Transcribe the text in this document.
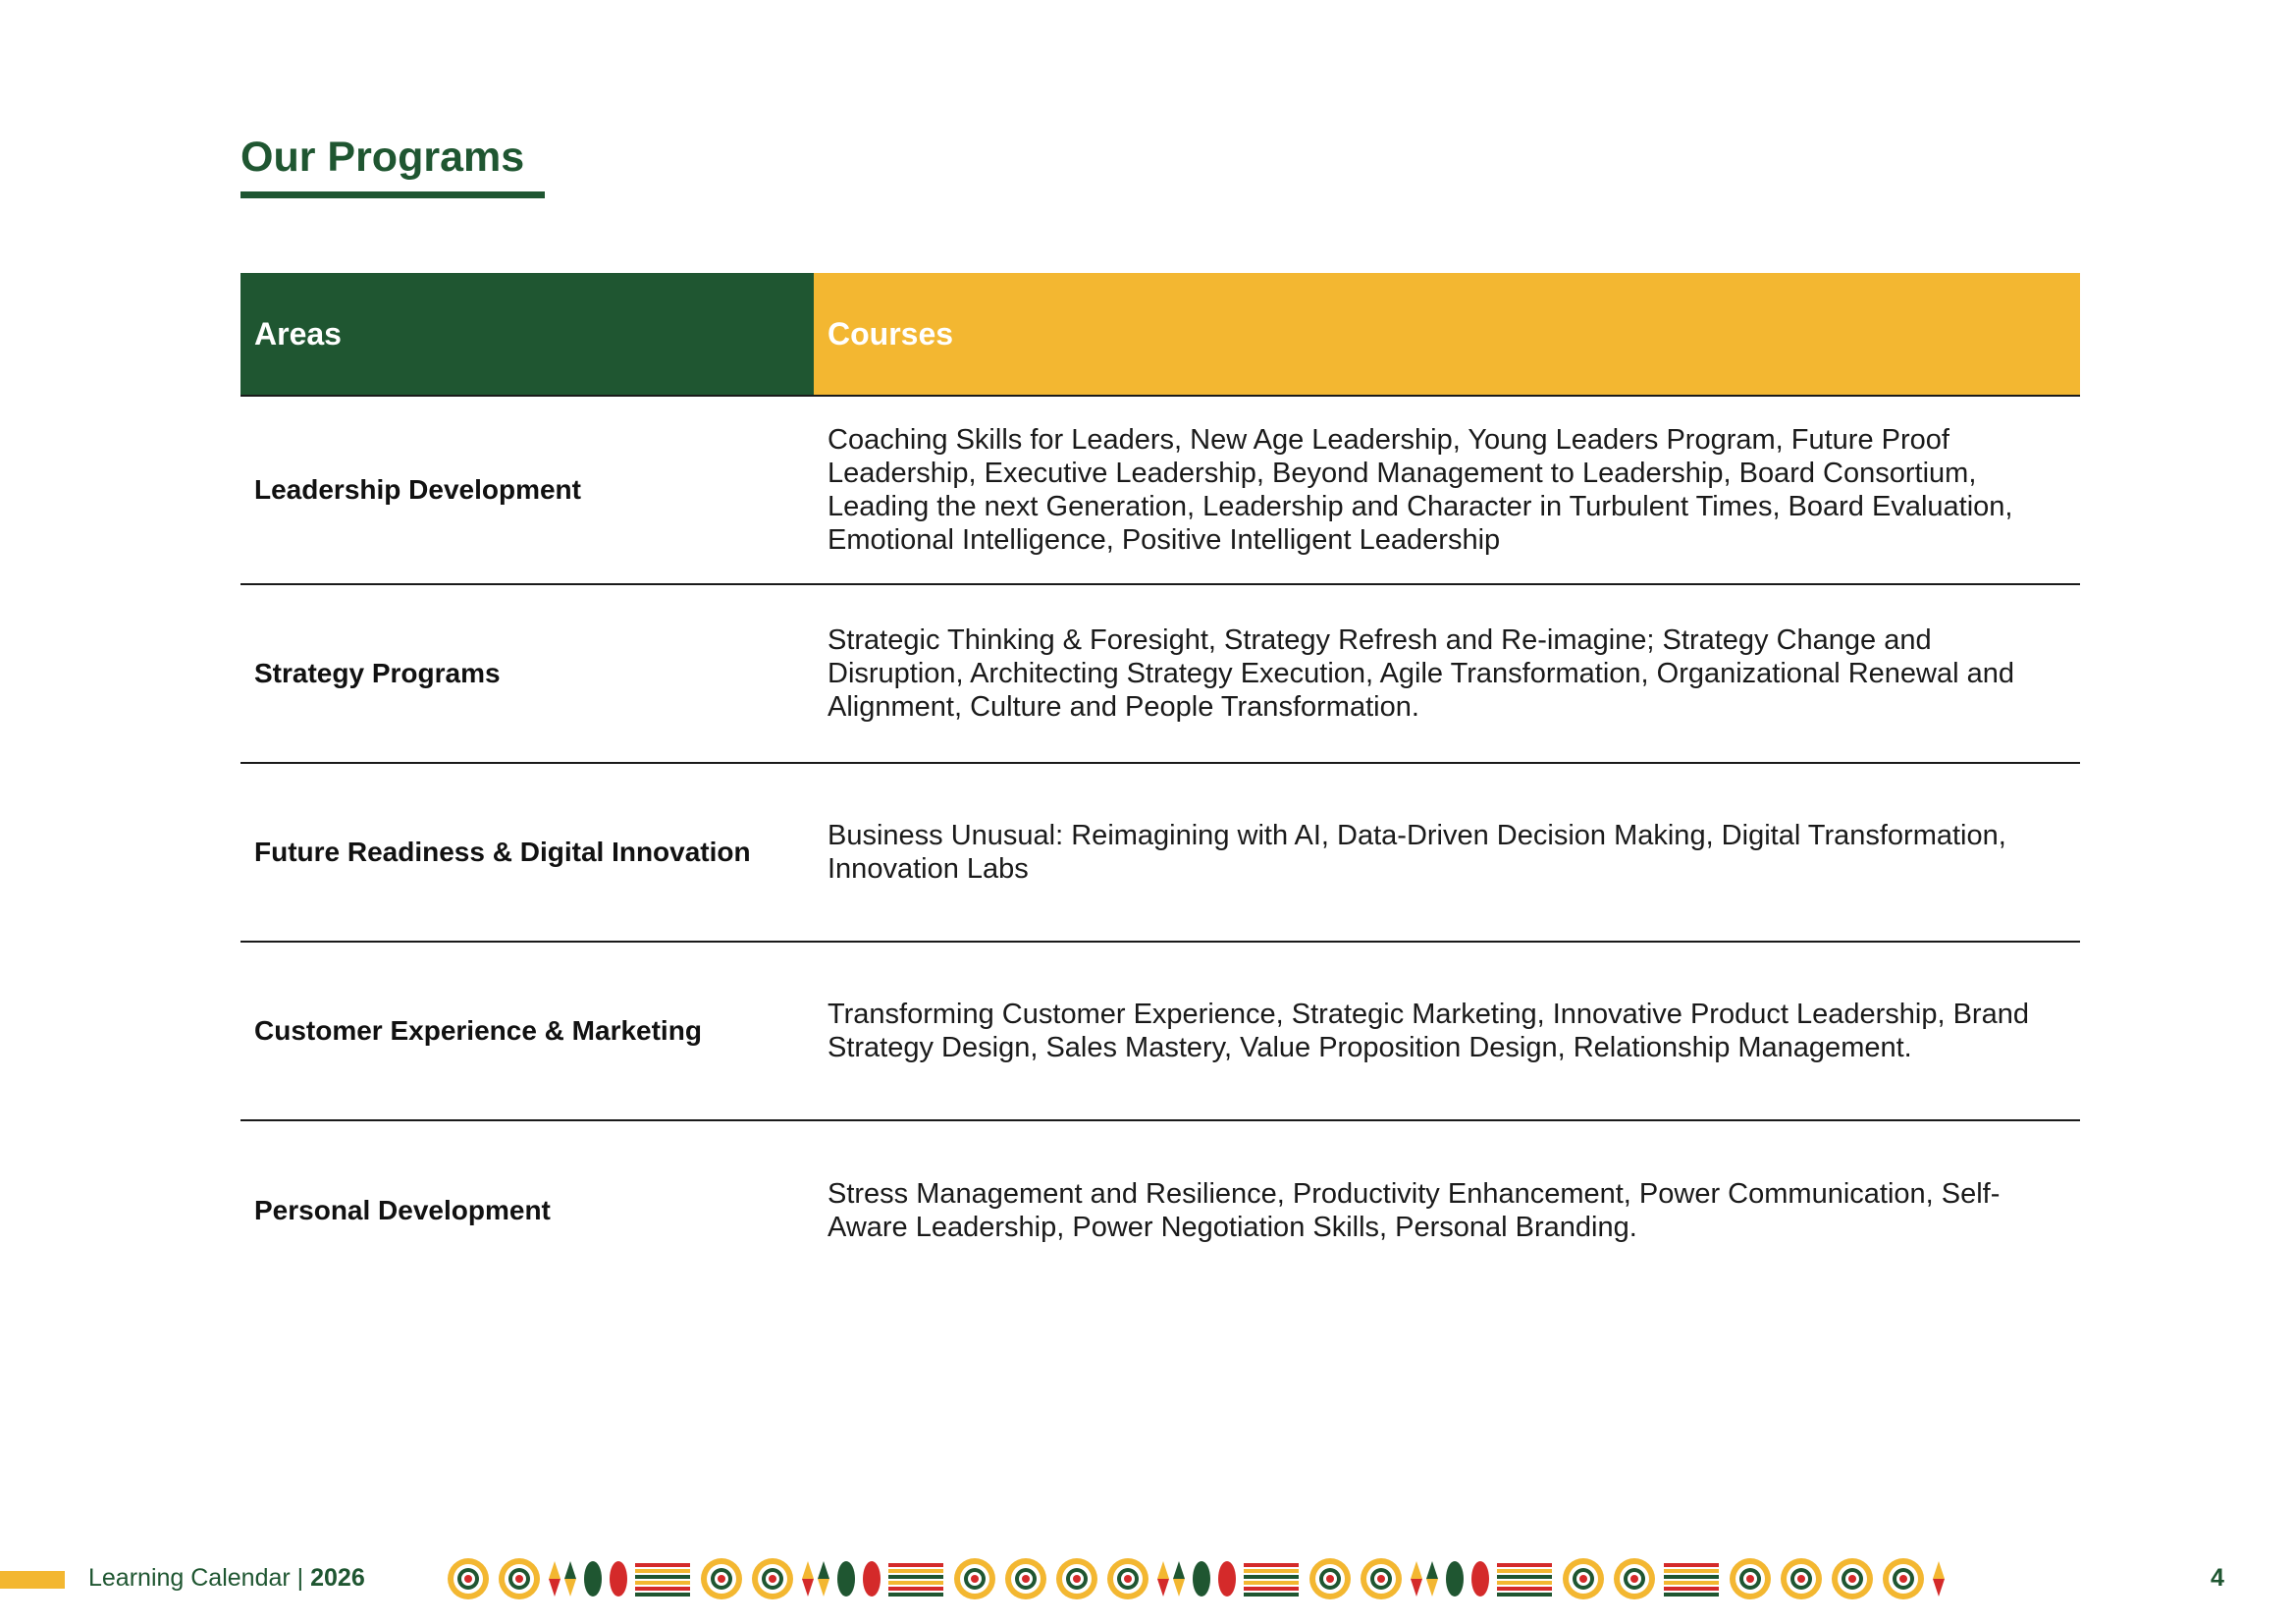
Our Programs
Areas	Courses
Leadership Development
Coaching Skills for Leaders, New Age Leadership, Young Leaders Program, Future Proof Leadership, Executive Leadership, Beyond Management to Leadership, Board Consortium, Leading the next Generation, Leadership and Character in Turbulent Times, Board Evaluation, Emotional Intelligence, Positive Intelligent Leadership
Strategy Programs
Strategic Thinking & Foresight, Strategy Refresh and Re-imagine; Strategy Change and Disruption, Architecting Strategy Execution, Agile Transformation, Organizational Renewal and Alignment, Culture and People Transformation.
Future Readiness & Digital Innovation
Business Unusual: Reimagining with AI, Data-Driven Decision Making, Digital Transformation, Innovation Labs
Customer Experience & Marketing
Transforming Customer Experience, Strategic Marketing, Innovative Product Leadership, Brand Strategy Design, Sales Mastery, Value Proposition Design, Relationship Management.
Personal Development
Stress Management and Resilience, Productivity Enhancement, Power Communication, Self-Aware Leadership, Power Negotiation Skills, Personal Branding.
Learning Calendar | 2026	4
